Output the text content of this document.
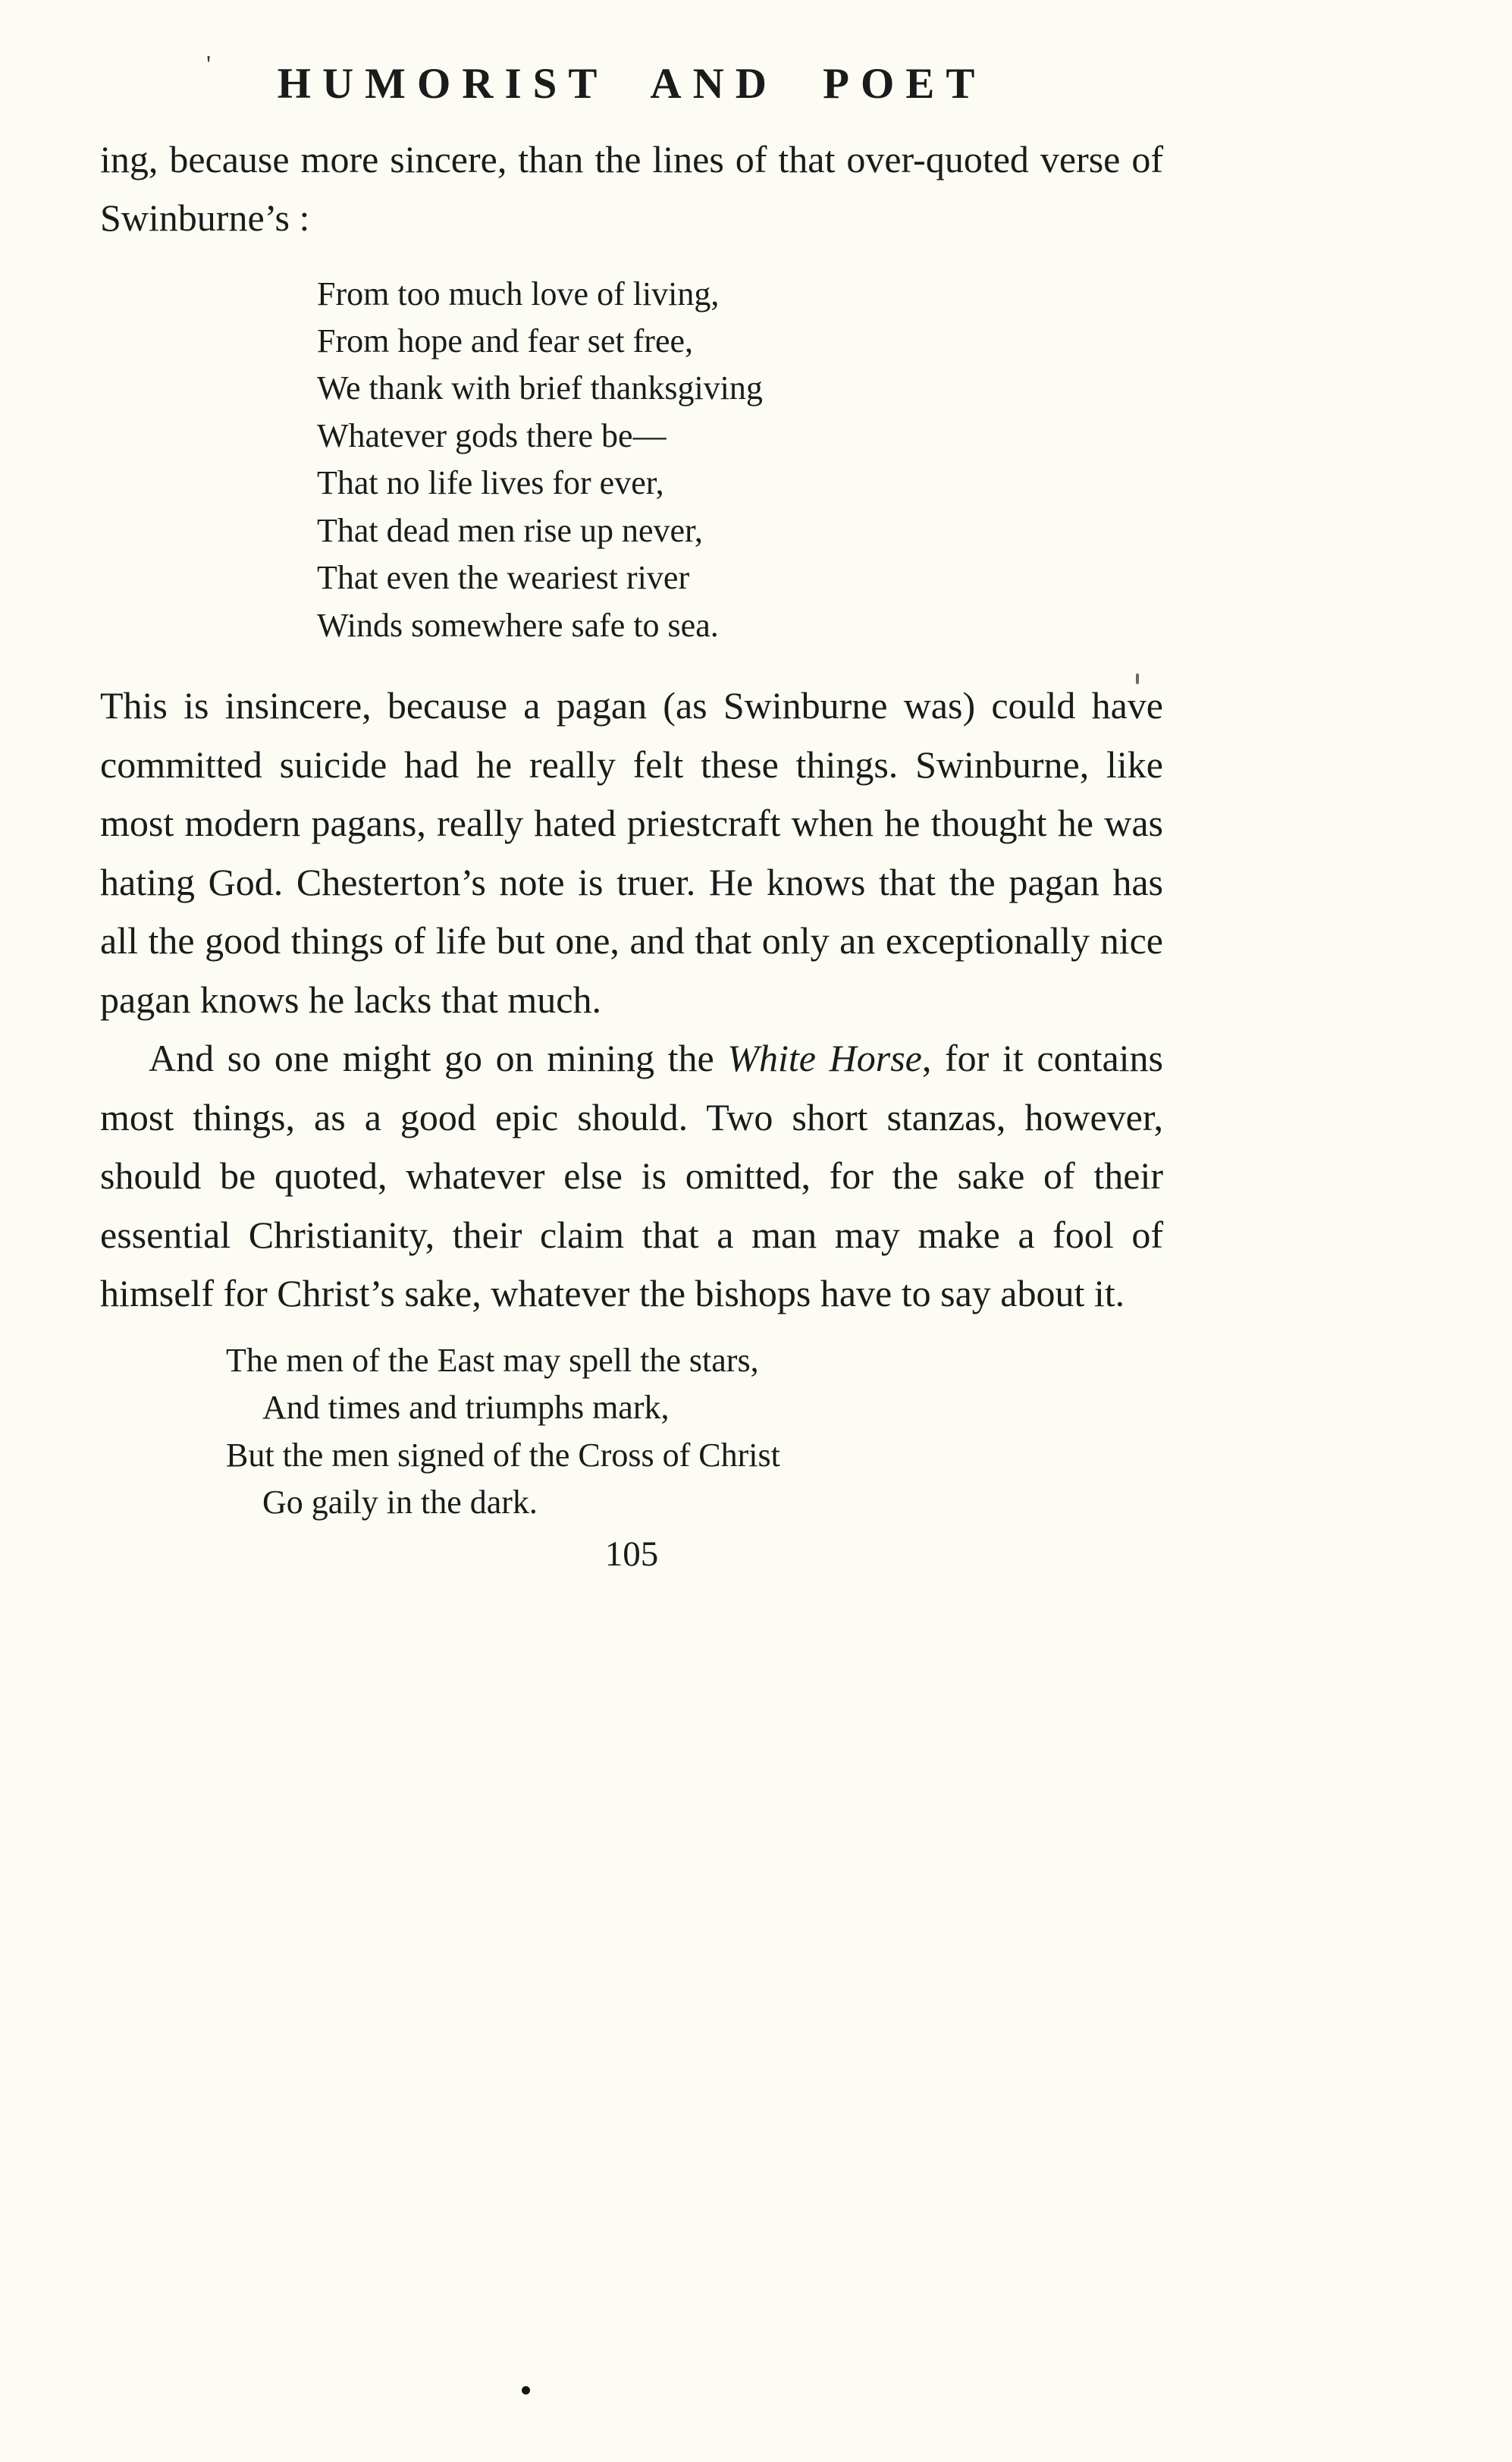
' HUMORIST AND POET

ing, because more sincere, than the lines of that over-quoted verse of Swinburne’s :

From too much love of living,
From hope and fear set free,
We thank with brief thanksgiving
Whatever gods there be—
That no life lives for ever,
That dead men rise up never,
That even the weariest river
Winds somewhere safe to sea.

This is insincere, because a pagan (as Swinburne was) could have committed suicide had he really felt these things. Swinburne, like most modern pagans, really hated priestcraft when he thought he was hating God. Chesterton’s note is truer. He knows that the pagan has all the good things of life but one, and that only an exceptionally nice pagan knows he lacks that much.

And so one might go on mining the White Horse, for it contains most things, as a good epic should. Two short stanzas, however, should be quoted, whatever else is omitted, for the sake of their essential Christianity, their claim that a man may make a fool of himself for Christ’s sake, whatever the bishops have to say about it.

The men of the East may spell the stars,
And times and triumphs mark,
But the men signed of the Cross of Christ
Go gaily in the dark.
105
